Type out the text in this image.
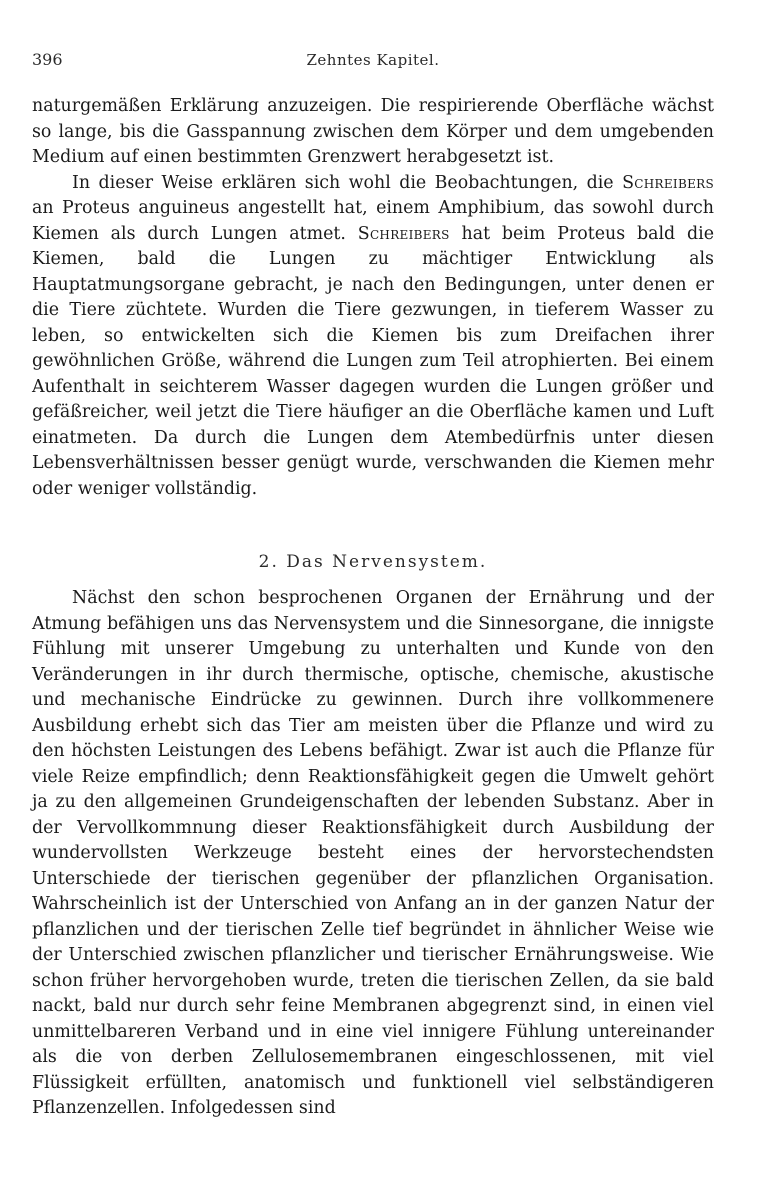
396	Zehntes Kapitel.

naturgemäßen Erklärung anzuzeigen. Die respirierende Oberfläche wächst so lange, bis die Gasspannung zwischen dem Körper und dem umgebenden Medium auf einen bestimmten Grenzwert herabgesetzt ist.

In dieser Weise erklären sich wohl die Beobachtungen, die Schreibers an Proteus anguineus angestellt hat, einem Amphibium, das sowohl durch Kiemen als durch Lungen atmet. Schreibers hat beim Proteus bald die Kiemen, bald die Lungen zu mächtiger Entwicklung als Hauptatmungsorgane gebracht, je nach den Bedingungen, unter denen er die Tiere züchtete. Wurden die Tiere gezwungen, in tieferem Wasser zu leben, so entwickelten sich die Kiemen bis zum Dreifachen ihrer gewöhnlichen Größe, während die Lungen zum Teil atrophierten. Bei einem Aufenthalt in seichterem Wasser dagegen wurden die Lungen größer und gefäßreicher, weil jetzt die Tiere häufiger an die Oberfläche kamen und Luft einatmeten. Da durch die Lungen dem Atembedürfnis unter diesen Lebensverhältnissen besser genügt wurde, verschwanden die Kiemen mehr oder weniger vollständig.

2. Das Nervensystem.

Nächst den schon besprochenen Organen der Ernährung und der Atmung befähigen uns das Nervensystem und die Sinnesorgane, die innigste Fühlung mit unserer Umgebung zu unterhalten und Kunde von den Veränderungen in ihr durch thermische, optische, chemische, akustische und mechanische Eindrücke zu gewinnen. Durch ihre vollkommenere Ausbildung erhebt sich das Tier am meisten über die Pflanze und wird zu den höchsten Leistungen des Lebens befähigt. Zwar ist auch die Pflanze für viele Reize empfindlich; denn Reaktionsfähigkeit gegen die Umwelt gehört ja zu den allgemeinen Grundeigenschaften der lebenden Substanz. Aber in der Vervollkommnung dieser Reaktionsfähigkeit durch Ausbildung der wundervollsten Werkzeuge besteht eines der hervorstechendsten Unterschiede der tierischen gegenüber der pflanzlichen Organisation. Wahrscheinlich ist der Unterschied von Anfang an in der ganzen Natur der pflanzlichen und der tierischen Zelle tief begründet in ähnlicher Weise wie der Unterschied zwischen pflanzlicher und tierischer Ernährungsweise. Wie schon früher hervorgehoben wurde, treten die tierischen Zellen, da sie bald nackt, bald nur durch sehr feine Membranen abgegrenzt sind, in einen viel unmittelbareren Verband und in eine viel innigere Fühlung untereinander als die von derben Zellulosemembranen eingeschlossenen, mit viel Flüssigkeit erfüllten, anatomisch und funktionell viel selbständigeren Pflanzenzellen. Infolgedessen sind
